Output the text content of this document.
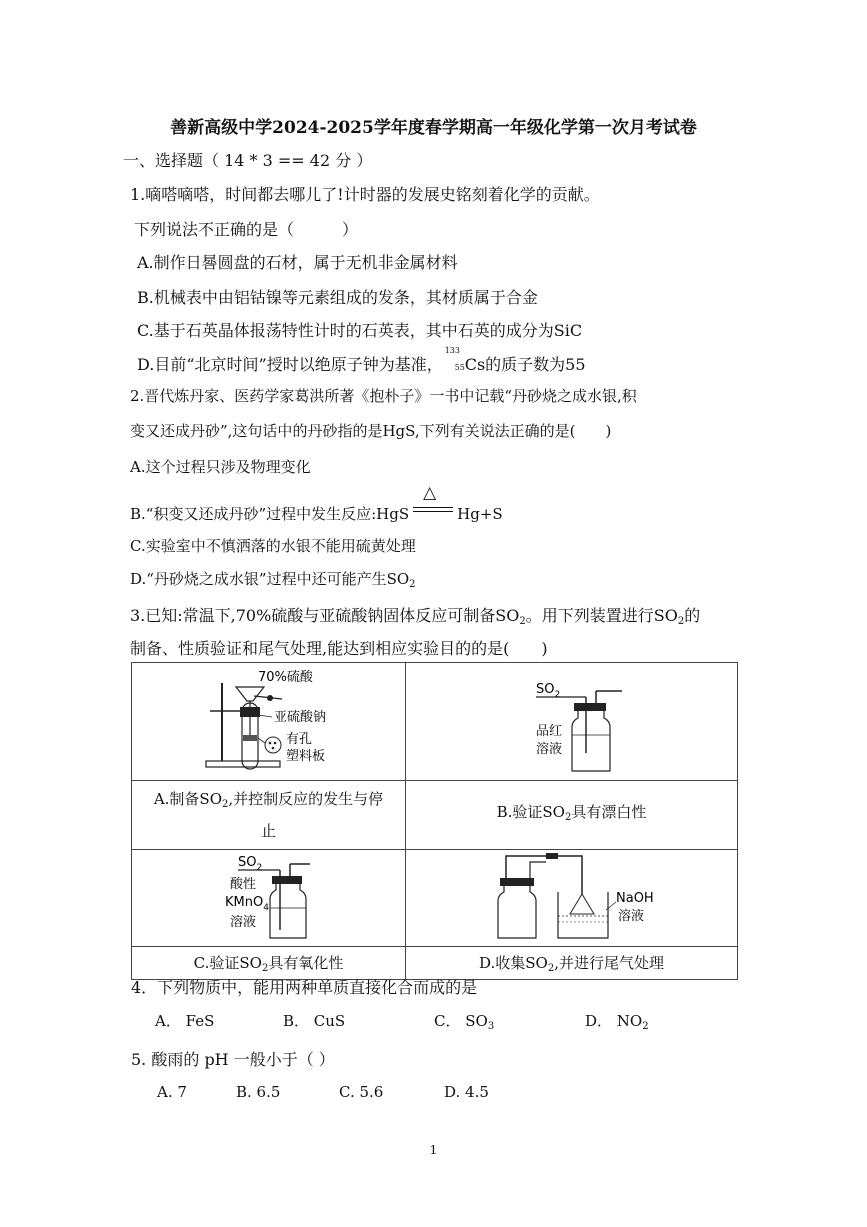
善新高级中学2024-2025学年度春学期高一年级化学第一次月考试卷
一、选择题（ 14 * 3 == 42 分 ）
1.嘀嗒嘀嗒，时间都去哪儿了!计时器的发展史铭刻着化学的贡献。
下列说法不正确的是（　　　）
A.制作日晷圆盘的石材，属于无机非金属材料
B.机械表中由铝钴镍等元素组成的发条，其材质属于合金
C.基于石英晶体报荡特性计时的石英表，其中石英的成分为SiC
D.目前“北京时间”授时以绝原子钟为基准，
133
55 Cs的质子数为55
2.晋代炼丹家、医药学家葛洪所著《抱朴子》一书中记载“丹砂烧之成水银,积
变又还成丹砂”,这句话中的丹砂指的是HgS,下列有关说法正确的是(　　)
A.这个过程只涉及物理变化
B.“积变又还成丹砂”过程中发生反应:HgS
△
Hg+S
C.实验室中不慎洒落的水银不能用硫黄处理
D.“丹砂烧之成水银”过程中还可能产生$SO_2$
3.已知:常温下,70%硫酸与亚硫酸钠固体反应可制备$SO_2$。用下列装置进行$SO_2$的
制备、性质验证和尾气处理,能达到相应实验目的的是(　　)
70%硫酸
亚硫酸钠
有孔
塑料板	$SO_2$
品红
溶液

A.制备$SO_2$,并控制反应的发生与停
止	B.验证$SO_2$具有漂白性

$SO_2$
酸性
KMnO$_4$
溶液	NaOH
溶液

C.验证$SO_2$具有氧化性	D.收集$SO_2$,并进行尾气处理
4．下列物质中，能用两种单质直接化合而成的是
A． FeS	B． CuS	C． $SO_3$	D． $NO_2$
5. 酸雨的 pH 一般小于（ ）
A. 7	B. 6.5	C. 5.6	D. 4.5
1
